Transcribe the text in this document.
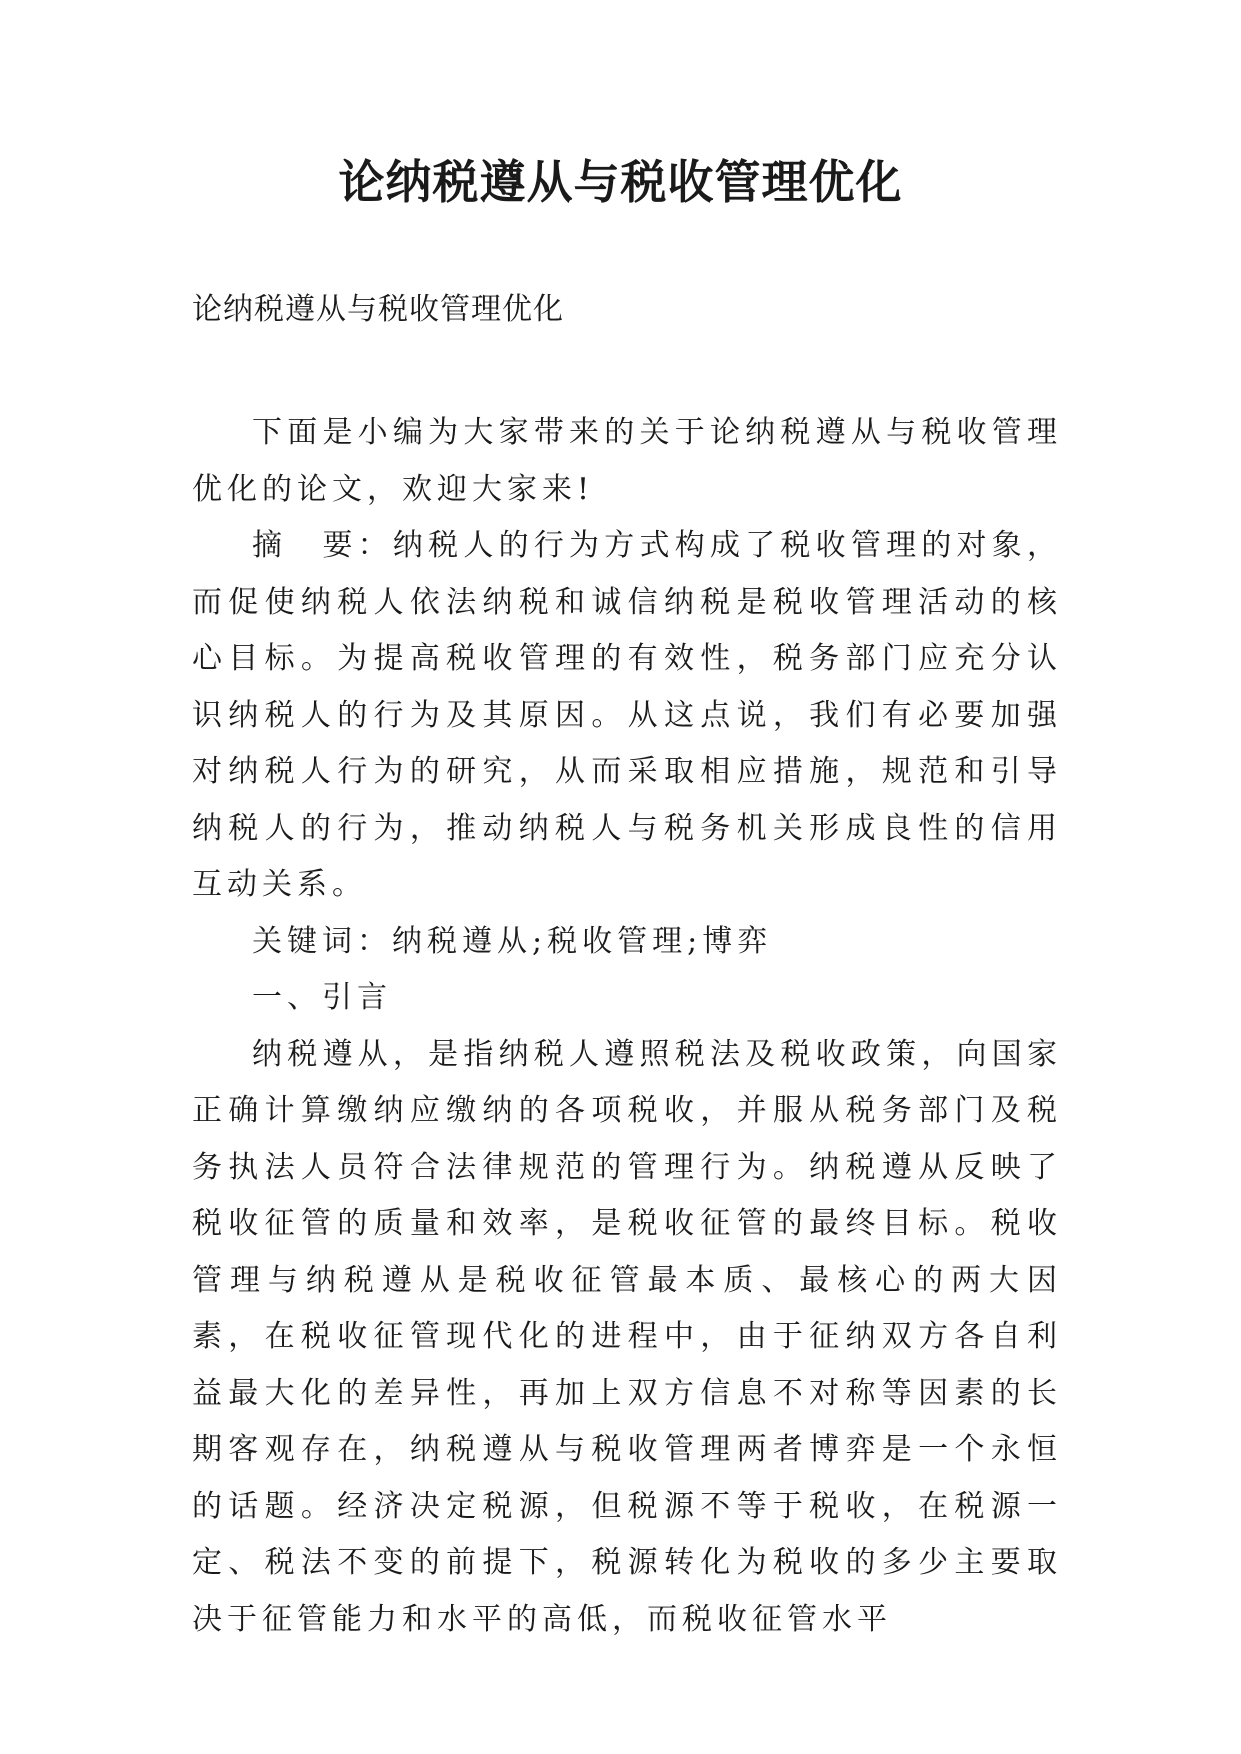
论纳税遵从与税收管理优化
论纳税遵从与税收管理优化

下面是小编为大家带来的关于论纳税遵从与税收管理优化的论文，欢迎大家来!

摘　要：纳税人的行为方式构成了税收管理的对象，而促使纳税人依法纳税和诚信纳税是税收管理活动的核心目标。为提高税收管理的有效性，税务部门应充分认识纳税人的行为及其原因。从这点说，我们有必要加强对纳税人行为的研究，从而采取相应措施，规范和引导纳税人的行为，推动纳税人与税务机关形成良性的信用互动关系。

关键词：纳税遵从;税收管理;博弈

一、引言

纳税遵从，是指纳税人遵照税法及税收政策，向国家正确计算缴纳应缴纳的各项税收，并服从税务部门及税务执法人员符合法律规范的管理行为。纳税遵从反映了税收征管的质量和效率，是税收征管的最终目标。税收管理与纳税遵从是税收征管最本质、最核心的两大因素，在税收征管现代化的进程中，由于征纳双方各自利益最大化的差异性，再加上双方信息不对称等因素的长期客观存在，纳税遵从与税收管理两者博弈是一个永恒的话题。经济决定税源，但税源不等于税收，在税源一定、税法不变的前提下，税源转化为税收的多少主要取决于征管能力和水平的高低，而税收征管水平
